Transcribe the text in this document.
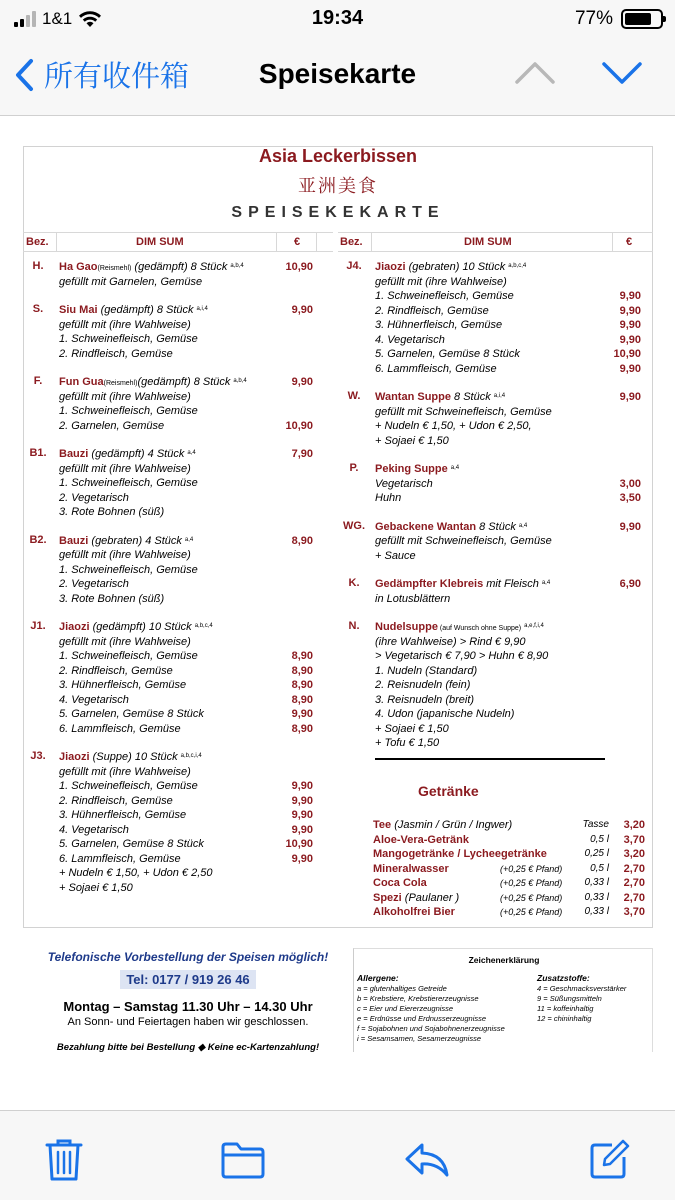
1&1	19:34	77%
所有收件箱	Speisekarte
Asia Leckerbissen
亚洲美食
SPEISEKEKARTE
Bez.	DIM SUM	€	Bez.	DIM SUM	€
H.	Ha Gao(Reismehl) (gedämpft) 8 Stück $^{a,b,4}$	10,90
gefüllt mit Garnelen, Gemüse
S.	Siu Mai (gedämpft) 8 Stück $^{a,i,4}$	9,90
gefüllt mit (ihre Wahlweise)
1. Schweinefleisch, Gemüse
2. Rindfleisch, Gemüse
F.	Fun Gua(Reismehl)(gedämpft) 8 Stück $^{a,b,4}$	9,90
gefüllt mit (ihre Wahlweise)
1. Schweinefleisch, Gemüse
2. Garnelen, Gemüse	10,90
B1.	Bauzi (gedämpft) 4 Stück $^{a,4}$	7,90
gefüllt mit (ihre Wahlweise)
1. Schweinefleisch, Gemüse
2. Vegetarisch
3. Rote Bohnen (süß)
B2.	Bauzi (gebraten) 4 Stück $^{a,4}$	8,90
gefüllt mit (ihre Wahlweise)
1. Schweinefleisch, Gemüse
2. Vegetarisch
3. Rote Bohnen (süß)
J1.	Jiaozi (gedämpft) 10 Stück $^{a,b,c,4}$
gefüllt mit (ihre Wahlweise)
1. Schweinefleisch, Gemüse	8,90
2. Rindfleisch, Gemüse	8,90
3. Hühnerfleisch, Gemüse	8,90
4. Vegetarisch	8,90
5. Garnelen, Gemüse 8 Stück	9,90
6. Lammfleisch, Gemüse	8,90
J3.	Jiaozi (Suppe) 10 Stück $^{a,b,c,i,4}$
gefüllt mit (ihre Wahlweise)
1. Schweinefleisch, Gemüse	9,90
2. Rindfleisch, Gemüse	9,90
3. Hühnerfleisch, Gemüse	9,90
4. Vegetarisch	9,90
5. Garnelen, Gemüse 8 Stück	10,90
6. Lammfleisch, Gemüse	9,90
+ Nudeln € 1,50, + Udon € 2,50
+ Sojaei € 1,50
J4.	Jiaozi (gebraten) 10 Stück $^{a,b,c,4}$
gefüllt mit (ihre Wahlweise)
1. Schweinefleisch, Gemüse	9,90
2. Rindfleisch, Gemüse	9,90
3. Hühnerfleisch, Gemüse	9,90
4. Vegetarisch	9,90
5. Garnelen, Gemüse 8 Stück	10,90
6. Lammfleisch, Gemüse	9,90
W.	Wantan Suppe 8 Stück $^{a,i,4}$	9,90
gefüllt mit Schweinefleisch, Gemüse
+ Nudeln € 1,50, + Udon € 2,50,
+ Sojaei € 1,50
P.	Peking Suppe $^{a,4}$
Vegetarisch	3,00
Huhn	3,50
WG. Gebackene Wantan 8 Stück $^{a,4}$	9,90
gefüllt mit Schweinefleisch, Gemüse
+ Sauce
K.	Gedämpfter Klebreis mit Fleisch $^{a,4}$	6,90
in Lotusblättern
N.	Nudelsuppe (auf Wunsch ohne Suppe) $^{a,e,f,i,4}$
(ihre Wahlweise) > Rind € 9,90
> Vegetarisch € 7,90 > Huhn € 8,90
1. Nudeln (Standard)
2. Reisnudeln (fein)
3. Reisnudeln (breit)
4. Udon (japanische Nudeln)
+ Sojaei € 1,50
+ Tofu € 1,50
Getränke
Tee (Jasmin / Grün / Ingwer)	Tasse 3,20
Aloe-Vera-Getränk	0,5 l 3,70
Mangogetränke / Lycheegetränke	0,25 l 3,20
Mineralwasser	(+0,25 € Pfand)	0,5 l 2,70
Coca Cola	(+0,25 € Pfand)	0,33 l 2,70
Spezi (Paulaner )	(+0,25 € Pfand)	0,33 l 2,70
Alkoholfrei Bier	(+0,25 € Pfand)	0,33 l 3,70
Telefonische Vorbestellung der Speisen möglich!
Tel: 0177 / 919 26 46
Montag – Samstag 11.30 Uhr – 14.30 Uhr
An Sonn- und Feiertagen haben wir geschlossen.
Bezahlung bitte bei Bestellung ◆ Keine ec-Kartenzahlung!
Zeichenerklärung
Allergene:
a = glutenhaltiges Getreide
b = Krebstiere, Krebstiererzeugnisse
c = Eier und Eiererzeugnisse
e = Erdnüsse und Erdnusserzeugnisse
f = Sojabohnen und Sojabohnenerzeugnisse
i = Sesamsamen, Sesamerzeugnisse
Zusatzstoffe:
4 = Geschmacksverstärker
9 = Süßungsmitteln
11 = koffeinhaltig
12 = chininhaltig
